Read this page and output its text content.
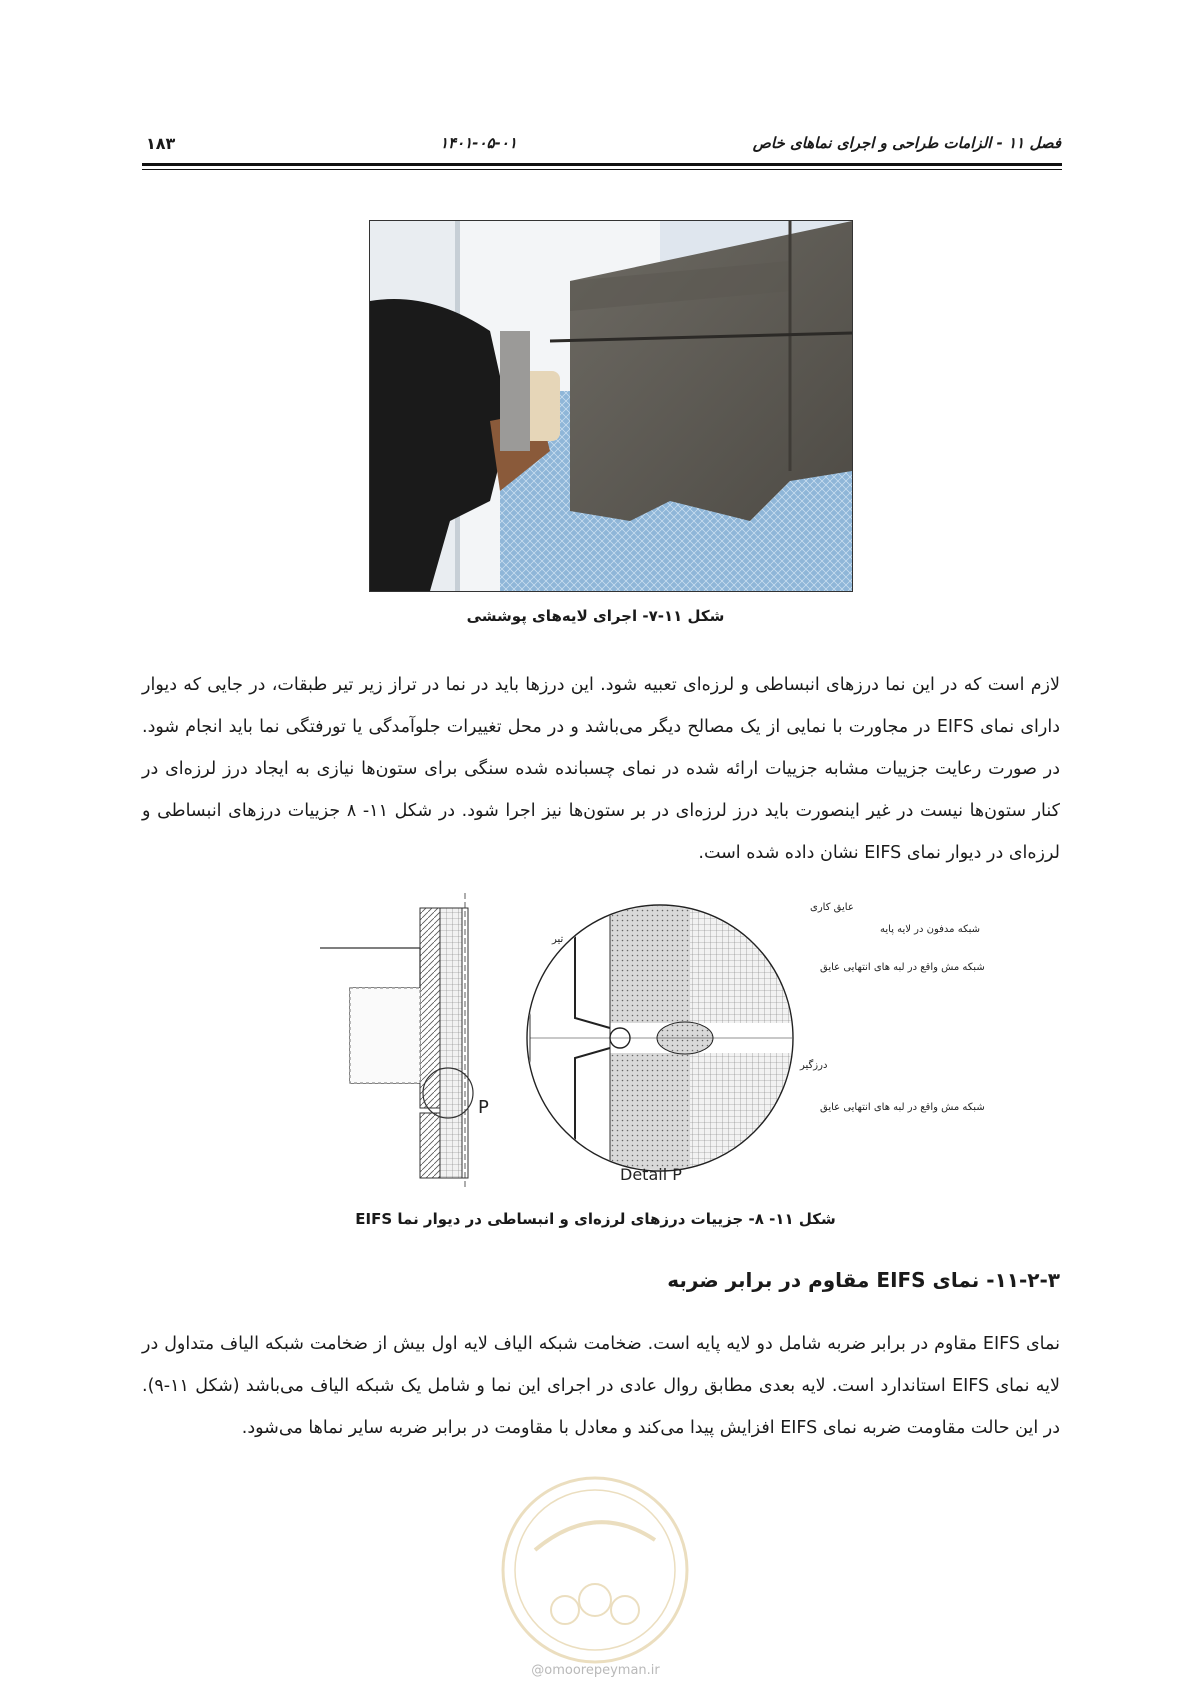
فصل ۱۱ - الزامات طراحی و اجرای نماهای خاص
۱۴۰۱-۰۵-۰۱
۱۸۳
شکل ۱۱-۷- اجرای لایه‌های پوششی
لازم است که در این نما درزهای انبساطی و لرزه‌ای تعبیه شود. این درزها باید در نما در تراز زیر تیر طبقات، در جایی که دیوار دارای نمای EIFS در مجاورت با نمایی از یک مصالح دیگر می‌باشد و در محل تغییرات جلوآمدگی یا تورفتگی نما باید انجام شود. در صورت رعایت جزییات مشابه جزییات ارائه شده در نمای چسبانده شده سنگی برای ستون‌ها نیازی به ایجاد درز لرزه‌ای در کنار ستون‌ها نیست در غیر اینصورت باید درز لرزه‌ای در بر ستون‌ها نیز اجرا شود. در شکل ۱۱- ۸ جزییات درزهای انبساطی و لرزه‌ای در دیوار نمای EIFS نشان داده شده است.
P
تیر
Detail P
عایق کاری
شبکه مدفون در لایه پایه
شبکه مش واقع در لبه های انتهایی عایق
درزگیر
شبکه مش واقع در لبه های انتهایی عایق
شکل ۱۱- ۸- جزییات درزهای لرزه‌ای و انبساطی در دیوار نما EIFS
۱۱-۲-۳- نمای EIFS مقاوم در برابر ضربه
نمای EIFS مقاوم در برابر ضربه شامل دو لایه پایه است. ضخامت شبکه الیاف لایه اول بیش از ضخامت شبکه الیاف متداول در لایه نمای EIFS استاندارد است. لایه بعدی مطابق روال عادی در اجرای این نما و شامل یک شبکه الیاف می‌باشد (شکل ۱۱-۹). در این حالت مقاومت ضربه نمای EIFS افزایش پیدا می‌کند و معادل با مقاومت در برابر ضربه سایر نماها می‌شود.
@omoorepeyman.ir
